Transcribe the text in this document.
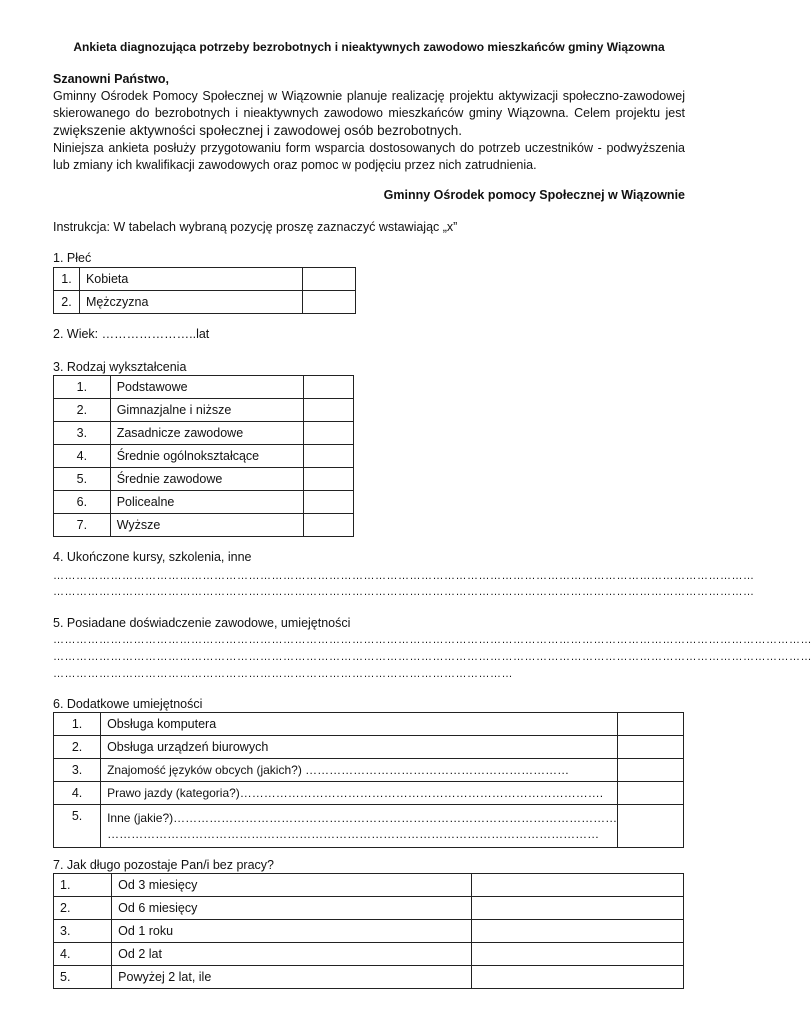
Ankieta diagnozująca potrzeby bezrobotnych i nieaktywnych zawodowo mieszkańców gminy Wiązowna
Szanowni Państwo,
Gminny Ośrodek Pomocy Społecznej w Wiązownie planuje realizację projektu aktywizacji społeczno-zawodowej skierowanego do bezrobotnych i nieaktywnych zawodowo mieszkańców gminy Wiązowna. Celem projektu jest zwiększenie aktywności społecznej i zawodowej osób bezrobotnych.
Niniejsza ankieta posłuży przygotowaniu form wsparcia dostosowanych do potrzeb uczestników - podwyższenia lub zmiany ich kwalifikacji zawodowych oraz pomoc w podjęciu przez nich zatrudnienia.
Gminny Ośrodek pomocy Społecznej w Wiązownie
Instrukcja: W tabelach wybraną pozycję proszę zaznaczyć wstawiając „x”
1. Płeć
1.	Kobieta	
2.	Mężczyzna	
2. Wiek: …………………..lat
3. Rodzaj wykształcenia
1.	Podstawowe	
2.	Gimnazjalne i niższe	
3.	Zasadnicze zawodowe	
4.	Średnie ogólnokształcące	
5.	Średnie zawodowe	
6.	Policealne	
7.	Wyższe	
4. Ukończone kursy, szkolenia, inne
…………………………………………………………………………………………………………………………………………………………………
…………………………………………………………………………………………………………………………………………………………………
5. Posiadane doświadczenie zawodowe, umiejętności
………………………………………………………………………………………………………………………………………………………………………………
………………………………………………………………………………………………………………………………………………………………………………
…………………………………………………………………………………………………………
6. Dodatkowe umiejętności
1.	Obsługa komputera	
2.	Obsługa urządzeń biurowych	
3.	Znajomość języków obcych (jakich?) …………………………………………………………	
4.	Prawo jazdy (kategoria?)……………………………………………………………………………….	
5.	Inne (jakie?)…………………………………………………………………………………………………
……………………………………………………………………………………………………………	

7. Jak długo pozostaje Pan/i bez pracy?
1.	Od 3 miesięcy	
2.	Od 6 miesięcy	
3.	Od 1 roku	
4.	Od 2 lat	
5.	Powyżej 2 lat, ile	
